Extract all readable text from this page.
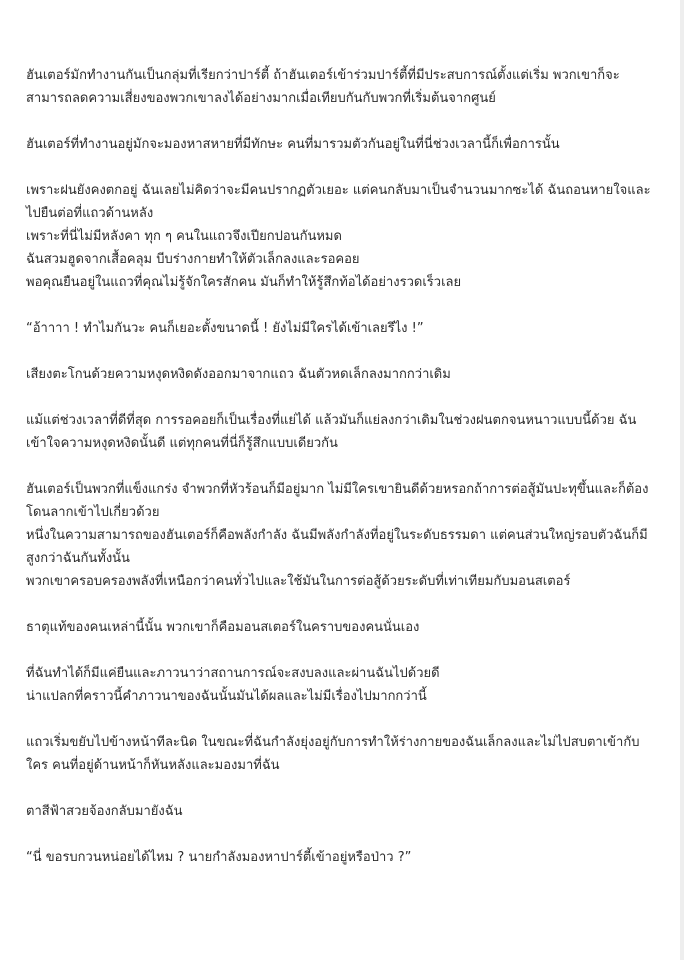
ฮันเตอร์มักทำงานกันเป็นกลุ่มที่เรียกว่าปาร์ตี้ ถ้าฮันเตอร์เข้าร่วมปาร์ตี้ที่มีประสบการณ์ตั้งแต่เริ่ม พวกเขาก็จะสามารถลดความเสี่ยงของพวกเขาลงได้อย่างมากเมื่อเทียบกันกับพวกที่เริ่มต้นจากศูนย์

ฮันเตอร์ที่ทำงานอยู่มักจะมองหาสหายที่มีทักษะ คนที่มารวมตัวกันอยู่ในที่นี่ช่วงเวลานี้ก็เพื่อการนั้น

เพราะฝนยังคงตกอยู่ ฉันเลยไม่คิดว่าจะมีคนปรากฏตัวเยอะ แต่คนกลับมาเป็นจำนวนมากซะได้ ฉันถอนหายใจและไปยืนต่อที่แถวด้านหลัง
เพราะที่นี่ไม่มีหลังคา ทุก ๆ คนในแถวจึงเปียกปอนกันหมด
ฉันสวมฮูดจากเสื้อคลุม บีบร่างกายทำให้ตัวเล็กลงและรอคอย
พอคุณยืนอยู่ในแถวที่คุณไม่รู้จักใครสักคน มันก็ทำให้รู้สึกท้อได้อย่างรวดเร็วเลย

“อ้าาาา ! ทำไมกันวะ คนก็เยอะตั้งขนาดนี้ ! ยังไม่มีใครได้เข้าเลยรึไง !”

เสียงตะโกนด้วยความหงุดหงิดดังออกมาจากแถว ฉันตัวหดเล็กลงมากกว่าเดิม

แม้แต่ช่วงเวลาที่ดีที่สุด การรอคอยก็เป็นเรื่องที่แย่ได้ แล้วมันก็แย่ลงกว่าเดิมในช่วงฝนตกจนหนาวแบบนี้ด้วย ฉันเข้าใจความหงุดหงิดนั้นดี แต่ทุกคนที่นี่ก็รู้สึกแบบเดียวกัน

ฮันเตอร์เป็นพวกที่แข็งแกร่ง จำพวกที่หัวร้อนก็มีอยู่มาก ไม่มีใครเขายินดีด้วยหรอกถ้าการต่อสู้มันปะทุขึ้นและก็ต้องโดนลากเข้าไปเกี่ยวด้วย
หนึ่งในความสามารถของฮันเตอร์ก็คือพลังกำลัง ฉันมีพลังกำลังที่อยู่ในระดับธรรมดา แต่คนส่วนใหญ่รอบตัวฉันก็มีสูงกว่าฉันกันทั้งนั้น
พวกเขาครอบครองพลังที่เหนือกว่าคนทั่วไปและใช้มันในการต่อสู้ด้วยระดับที่เท่าเทียมกับมอนสเตอร์

ธาตุแท้ของคนเหล่านี้นั้น พวกเขาก็คือมอนสเตอร์ในคราบของคนนั่นเอง

ที่ฉันทำได้ก็มีแค่ยืนและภาวนาว่าสถานการณ์จะสงบลงและผ่านฉันไปด้วยดี
น่าแปลกที่คราวนี้คำภาวนาของฉันนั้นมันได้ผลและไม่มีเรื่องไปมากกว่านี้

แถวเริ่มขยับไปข้างหน้าทีละนิด ในขณะที่ฉันกำลังยุ่งอยู่กับการทำให้ร่างกายของฉันเล็กลงและไม่ไปสบตาเข้ากับใคร คนที่อยู่ด้านหน้าก็หันหลังและมองมาที่ฉัน

ตาสีฟ้าสวยจ้องกลับมายังฉัน

“นี่ ขอรบกวนหน่อยได้ไหม ? นายกำลังมองหาปาร์ตี้เข้าอยู่หรือป่าว ?”
